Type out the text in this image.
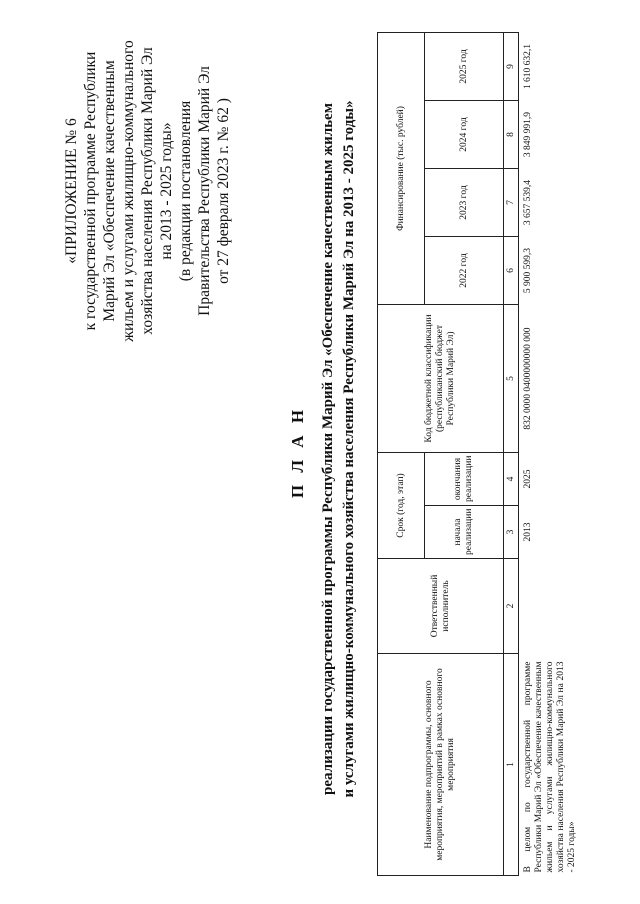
«ПРИЛОЖЕНИЕ № 6 к государственной программе Республики Марий Эл «Обеспечение качественным жильем и услугами жилищно-коммунального хозяйства населения Республики Марий Эл на 2013 - 2025 годы» (в редакции постановления Правительства Республики Марий Эл от 27 февраля 2023 г. № 62 )
П Л А Н реализации государственной программы Республики Марий Эл «Обеспечение качественным жильем и услугами жилищно-коммунального хозяйства населения Республики Марий Эл на 2013 - 2025 годы»	Наименование подпрограммы, основного мероприятия, мероприятий в рамках основного мероприятия	Ответственный исполнитель	Срок (год, этап)		Код бюджетной классификации (республиканский бюджет Республики Марий Эл)	Финансирование (тыс. рублей)			
		начала реализации	окончания реализации		2022 год	2023 год	2024 год	2025 год
1	2	3	4	5	6	7	8	9
В целом по государственной программе Республики Марий Эл «Обеспечение качественным жильем и услугами жилищно-коммунального хозяйства населения Республики Марий Эл на 2013 - 2025 годы»		2013	2025	832 0000 0400000000 000	5 900 599,3	3 657 539,4	3 849 991,9	1 610 632,1
